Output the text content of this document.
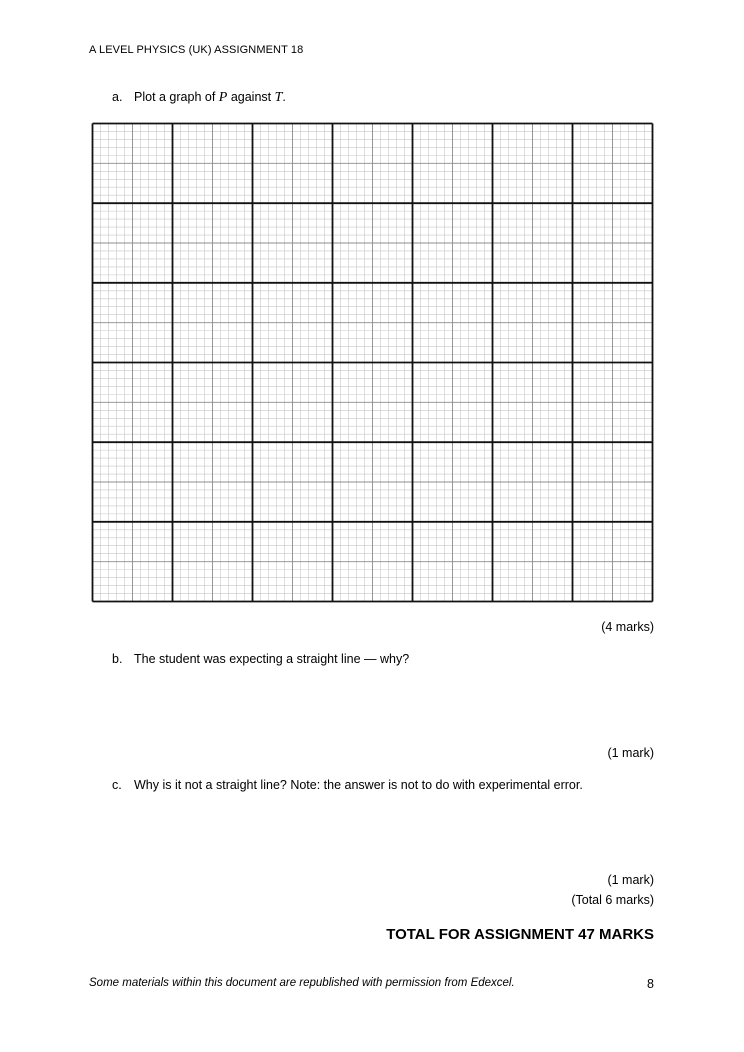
A LEVEL PHYSICS (UK) ASSIGNMENT 18
a. Plot a graph of P against T.
(4 marks)
b. The student was expecting a straight line — why?
(1 mark)
c. Why is it not a straight line? Note: the answer is not to do with experimental error.
(1 mark)
(Total 6 marks)
TOTAL FOR ASSIGNMENT 47 MARKS
Some materials within this document are republished with permission from Edexcel.	8
